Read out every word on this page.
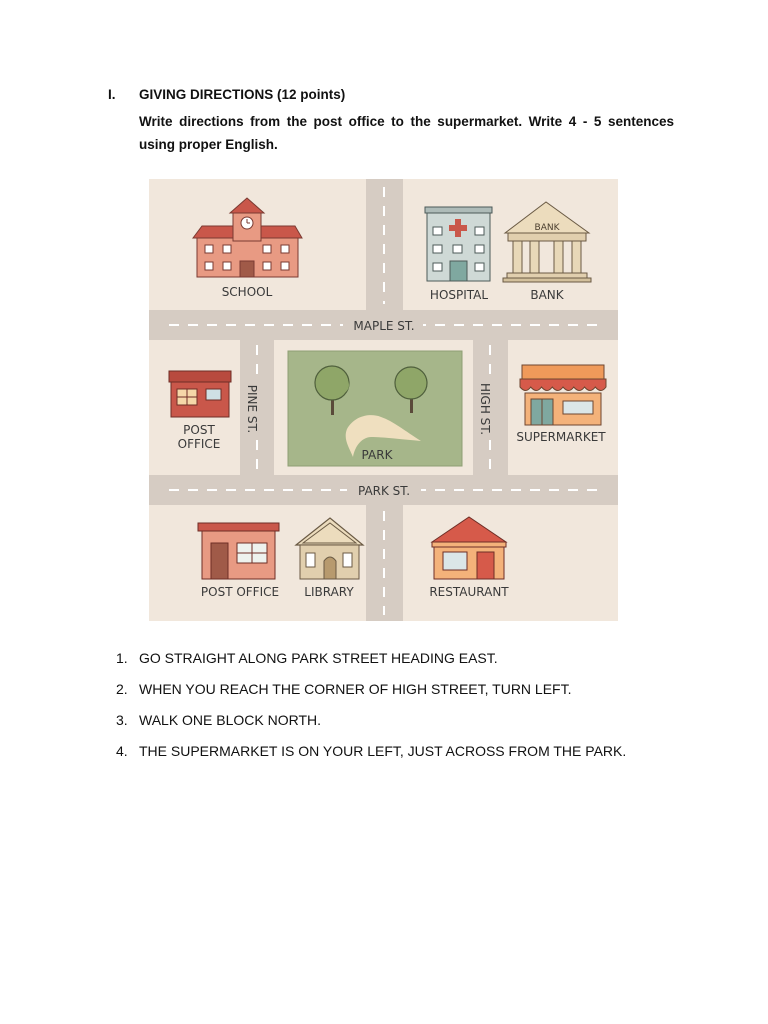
I. GIVING DIRECTIONS (12 points)
Write directions from the post office to the supermarket. Write 4 - 5 sentences using proper English.
MAPLE ST.
PARK ST.
PINE ST.	HIGH ST.
PARK
SCHOOL	HOSPITAL
BANK
BANK
POST
OFFICE	SUPERMARKET
POST OFFICE LIBRARY	RESTAURANT
1. GO STRAIGHT ALONG PARK STREET HEADING EAST.
2. WHEN YOU REACH THE CORNER OF HIGH STREET, TURN LEFT.
3. WALK ONE BLOCK NORTH.
4. THE SUPERMARKET IS ON YOUR LEFT, JUST ACROSS FROM THE PARK.
